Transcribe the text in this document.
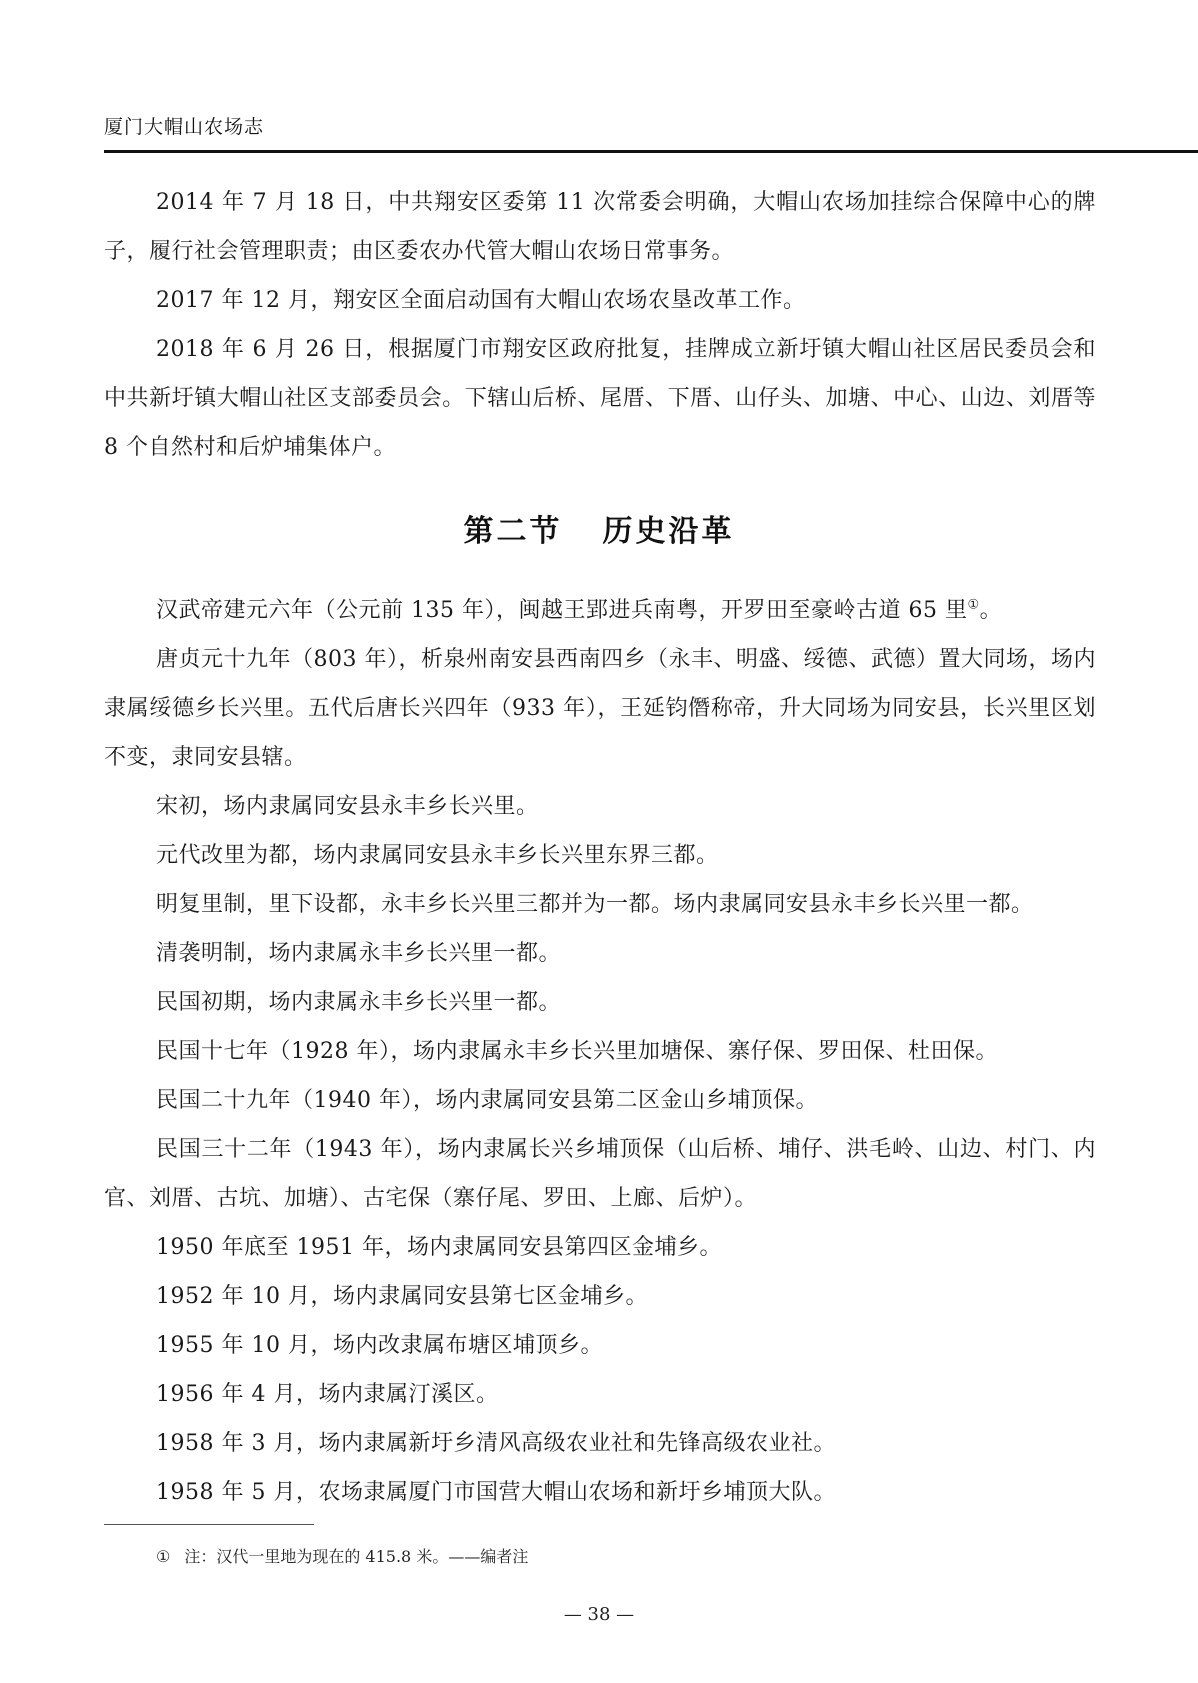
厦门大帽山农场志

2014 年 7 月 18 日，中共翔安区委第 11 次常委会明确，大帽山农场加挂综合保障中心的牌子，履行社会管理职责；由区委农办代管大帽山农场日常事务。

2017 年 12 月，翔安区全面启动国有大帽山农场农垦改革工作。

2018 年 6 月 26 日，根据厦门市翔安区政府批复，挂牌成立新圩镇大帽山社区居民委员会和中共新圩镇大帽山社区支部委员会。下辖山后桥、尾厝、下厝、山仔头、加塘、中心、山边、刘厝等 8 个自然村和后炉埔集体户。

第二节 历史沿革

汉武帝建元六年（公元前 135 年），闽越王郢进兵南粤，开罗田至豪岭古道 65 里①。

唐贞元十九年（803 年），析泉州南安县西南四乡（永丰、明盛、绥德、武德）置大同场，场内隶属绥德乡长兴里。五代后唐长兴四年（933 年），王延钧僭称帝，升大同场为同安县，长兴里区划不变，隶同安县辖。

宋初，场内隶属同安县永丰乡长兴里。

元代改里为都，场内隶属同安县永丰乡长兴里东界三都。

明复里制，里下设都，永丰乡长兴里三都并为一都。场内隶属同安县永丰乡长兴里一都。

清袭明制，场内隶属永丰乡长兴里一都。

民国初期，场内隶属永丰乡长兴里一都。

民国十七年（1928 年），场内隶属永丰乡长兴里加塘保、寨仔保、罗田保、杜田保。

民国二十九年（1940 年），场内隶属同安县第二区金山乡埔顶保。

民国三十二年（1943 年），场内隶属长兴乡埔顶保（山后桥、埔仔、洪毛岭、山边、村门、内官、刘厝、古坑、加塘）、古宅保（寨仔尾、罗田、上廊、后炉）。

1950 年底至 1951 年，场内隶属同安县第四区金埔乡。

1952 年 10 月，场内隶属同安县第七区金埔乡。

1955 年 10 月，场内改隶属布塘区埔顶乡。

1956 年 4 月，场内隶属汀溪区。

1958 年 3 月，场内隶属新圩乡清风高级农业社和先锋高级农业社。

1958 年 5 月，农场隶属厦门市国营大帽山农场和新圩乡埔顶大队。

① 注：汉代一里地为现在的 415.8 米。——编者注
— 38 —
